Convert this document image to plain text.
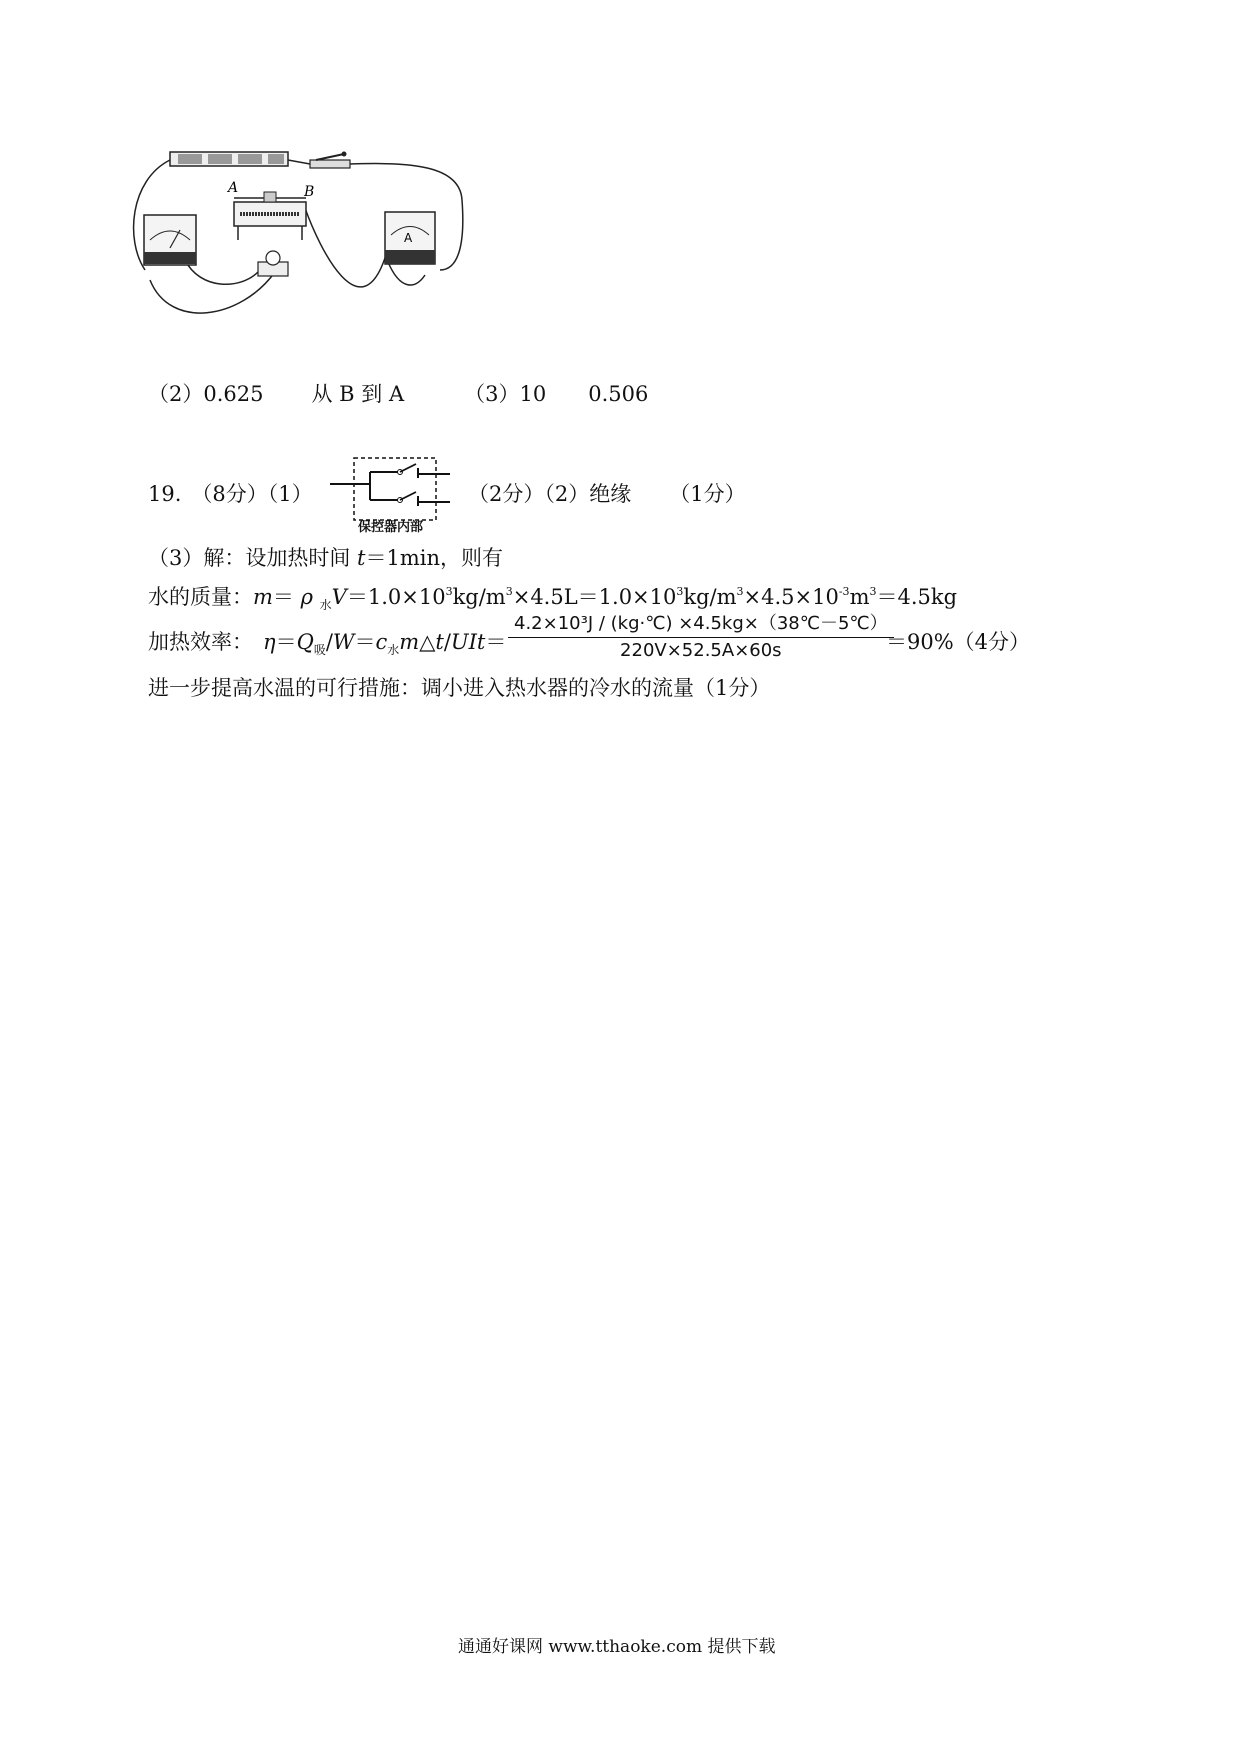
A	B
A
（2）0.625 从 B 到 A	（3）10 0.506
19. （8分）（1）
保控器内部
（2分）（2）绝缘 （1分）
（3）解：设加热时间 t＝1min，则有
水的质量：m＝ ρ $_水V=1.0\times 10^3kg/m^3\times 4.5L=1.0\times 10^3kg/m^3\times 4.5\times 10^{-3}m^3=4.5kg$
加热效率： $\eta=Q_吸/W=c_水m\triangle t/UIt=$
4.2×10³J / (kg·℃) ×4.5kg×（38℃－5℃）
220V×52.5A×60s	＝90%（4分）
进一步提高水温的可行措施：调小进入热水器的冷水的流量（1分）
通通好课网 www.tthaoke.com 提供下载
